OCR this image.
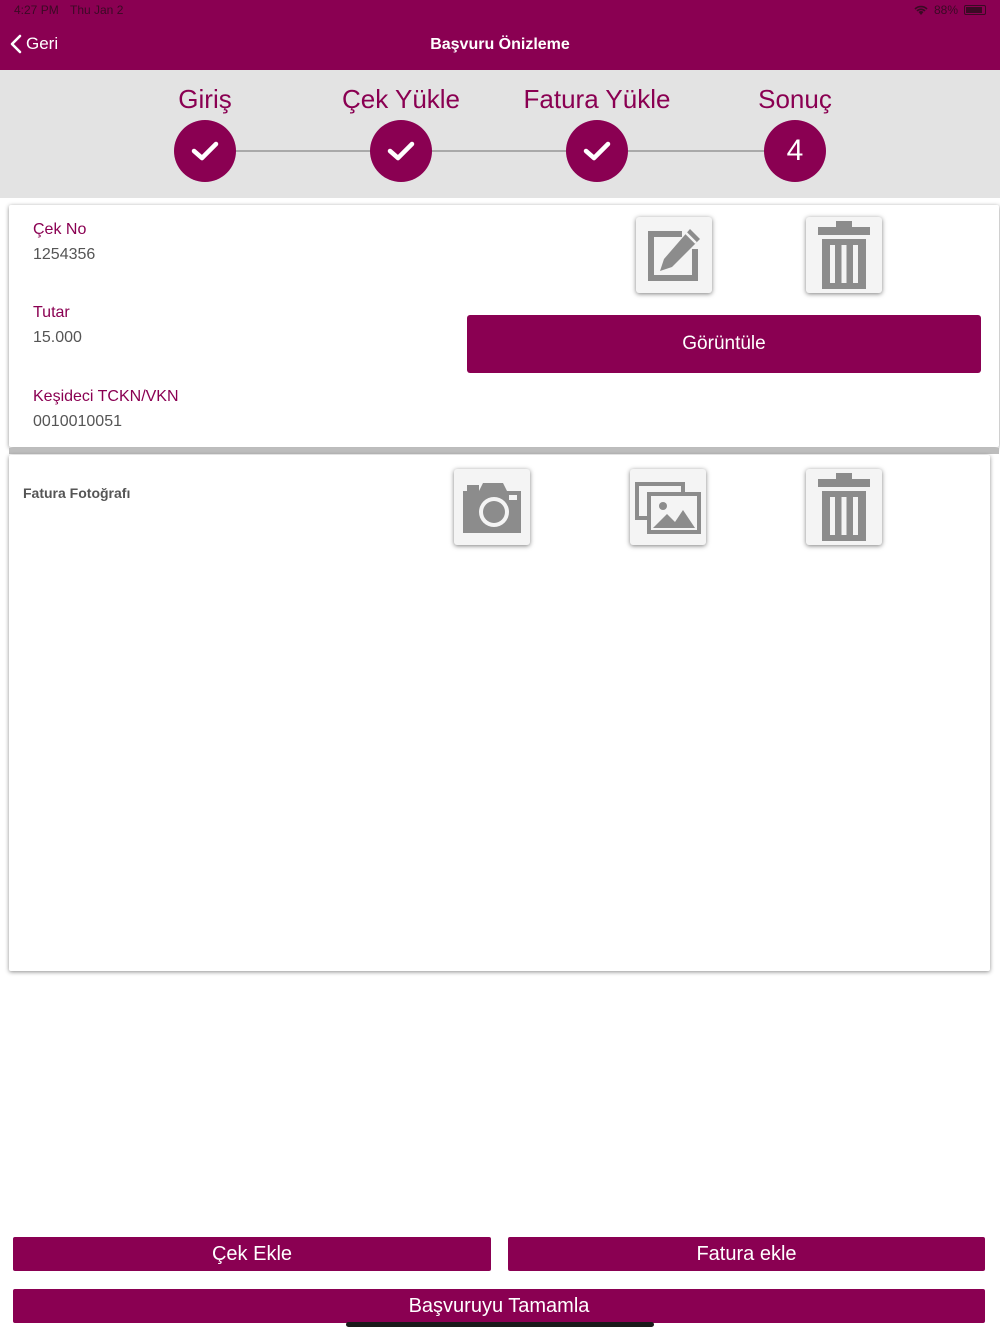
4:27 PM Thu Jan 2	88%
Geri	Başvuru Önizleme
Giriş	Çek Yükle	Fatura Yükle	Sonuç
4
Çek No
1254356
Tutar
15.000
Keşideci TCKN/VKN
0010010051
Görüntüle
Fatura Fotoğrafı
Çek Ekle	Fatura ekle
Başvuruyu Tamamla
